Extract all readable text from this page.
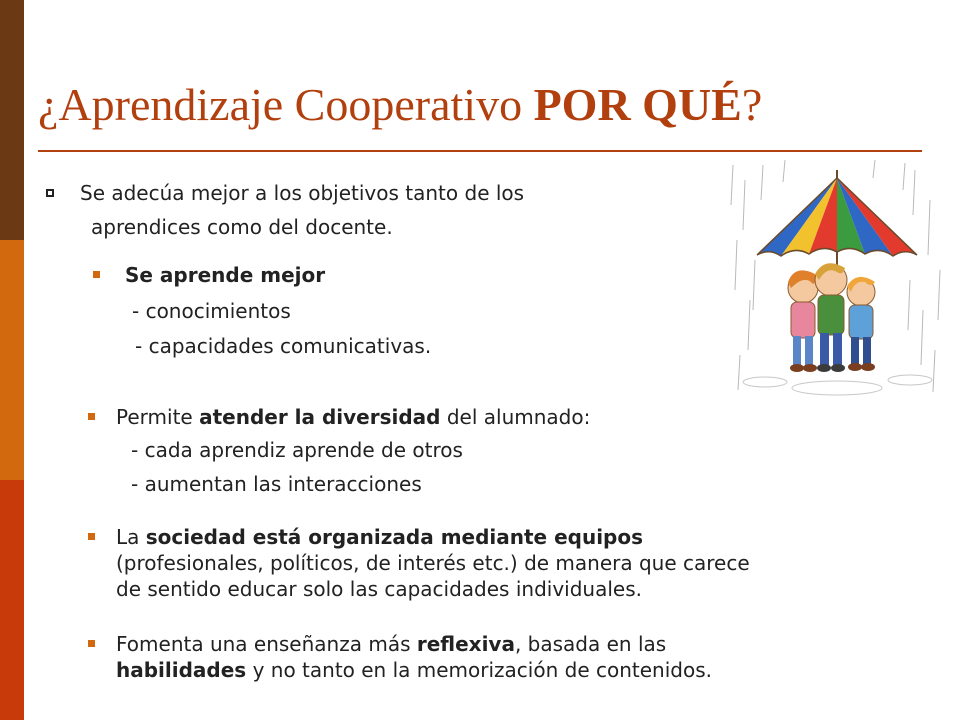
¿Aprendizaje Cooperativo POR QUÉ?
Se adecúa mejor a los objetivos tanto de los
aprendices como del docente.
Se aprende mejor
- conocimientos
- capacidades comunicativas.
Permite atender la diversidad del alumnado:
- cada aprendiz aprende de otros
- aumentan las interacciones
La sociedad está organizada mediante equipos
(profesionales, políticos, de interés etc.) de manera que carece
de sentido educar solo las capacidades individuales.
Fomenta una enseñanza más reflexiva, basada en las
habilidades y no tanto en la memorización de contenidos.
